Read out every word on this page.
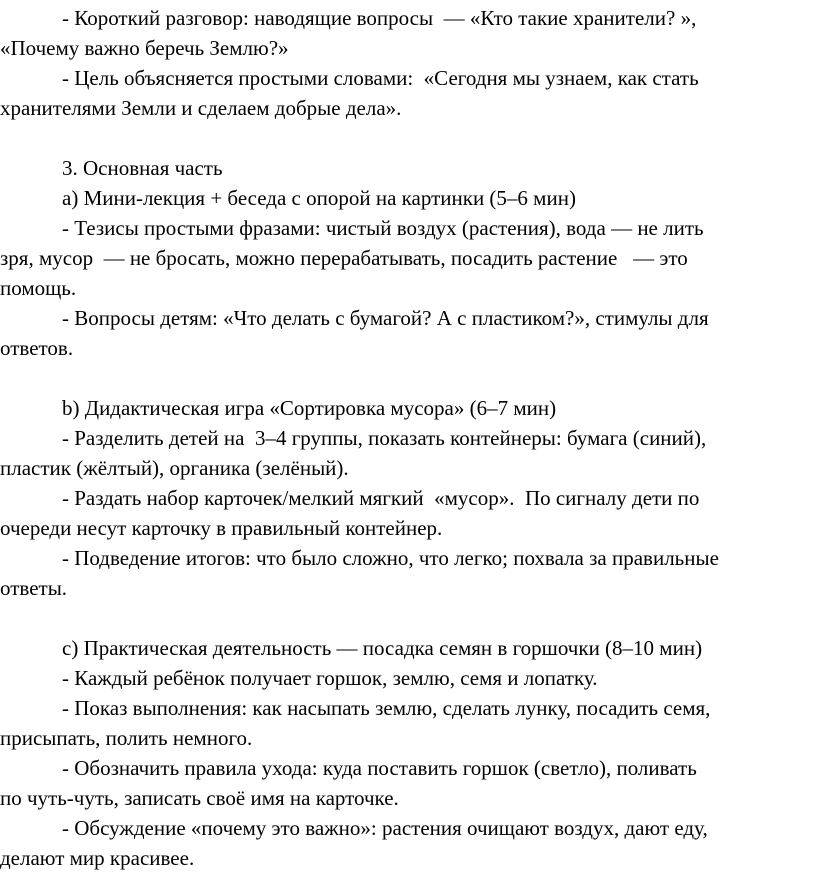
- Короткий разговор: наводящие вопросы  — «Кто такие хранители? »,
«Почему важно беречь Землю?»
- Цель объясняется простыми словами:  «Сегодня мы узнаем, как стать
хранителями Земли и сделаем добрые дела».
3. Основная часть
а) Мини-лекция + беседа с опорой на картинки (5–6 мин)
- Тезисы простыми фразами: чистый воздух (растения), вода — не лить
зря, мусор  — не бросать, можно перерабатывать, посадить растение   — это
помощь.
- Вопросы детям: «Что делать с бумагой? А с пластиком?», стимулы для
ответов.
b) Дидактическая игра «Сортировка мусора» (6–7 мин)
- Разделить детей на  3–4 группы, показать контейнеры: бумага (синий),
пластик (жёлтый), органика (зелёный).
- Раздать набор карточек/мелкий мягкий  «мусор».  По сигналу дети по
очереди несут карточку в правильный контейнер.
- Подведение итогов: что было сложно, что легко; похвала за правильные
ответы.
c) Практическая деятельность — посадка семян в горшочки (8–10 мин)
- Каждый ребёнок получает горшок, землю, семя и лопатку.
- Показ выполнения: как насыпать землю, сделать лунку, посадить семя,
присыпать, полить немного.
- Обозначить правила ухода: куда поставить горшок (светло), поливать
по чуть-чуть, записать своё имя на карточке.
- Обсуждение «почему это важно»: растения очищают воздух, дают еду,
делают мир красивее.
